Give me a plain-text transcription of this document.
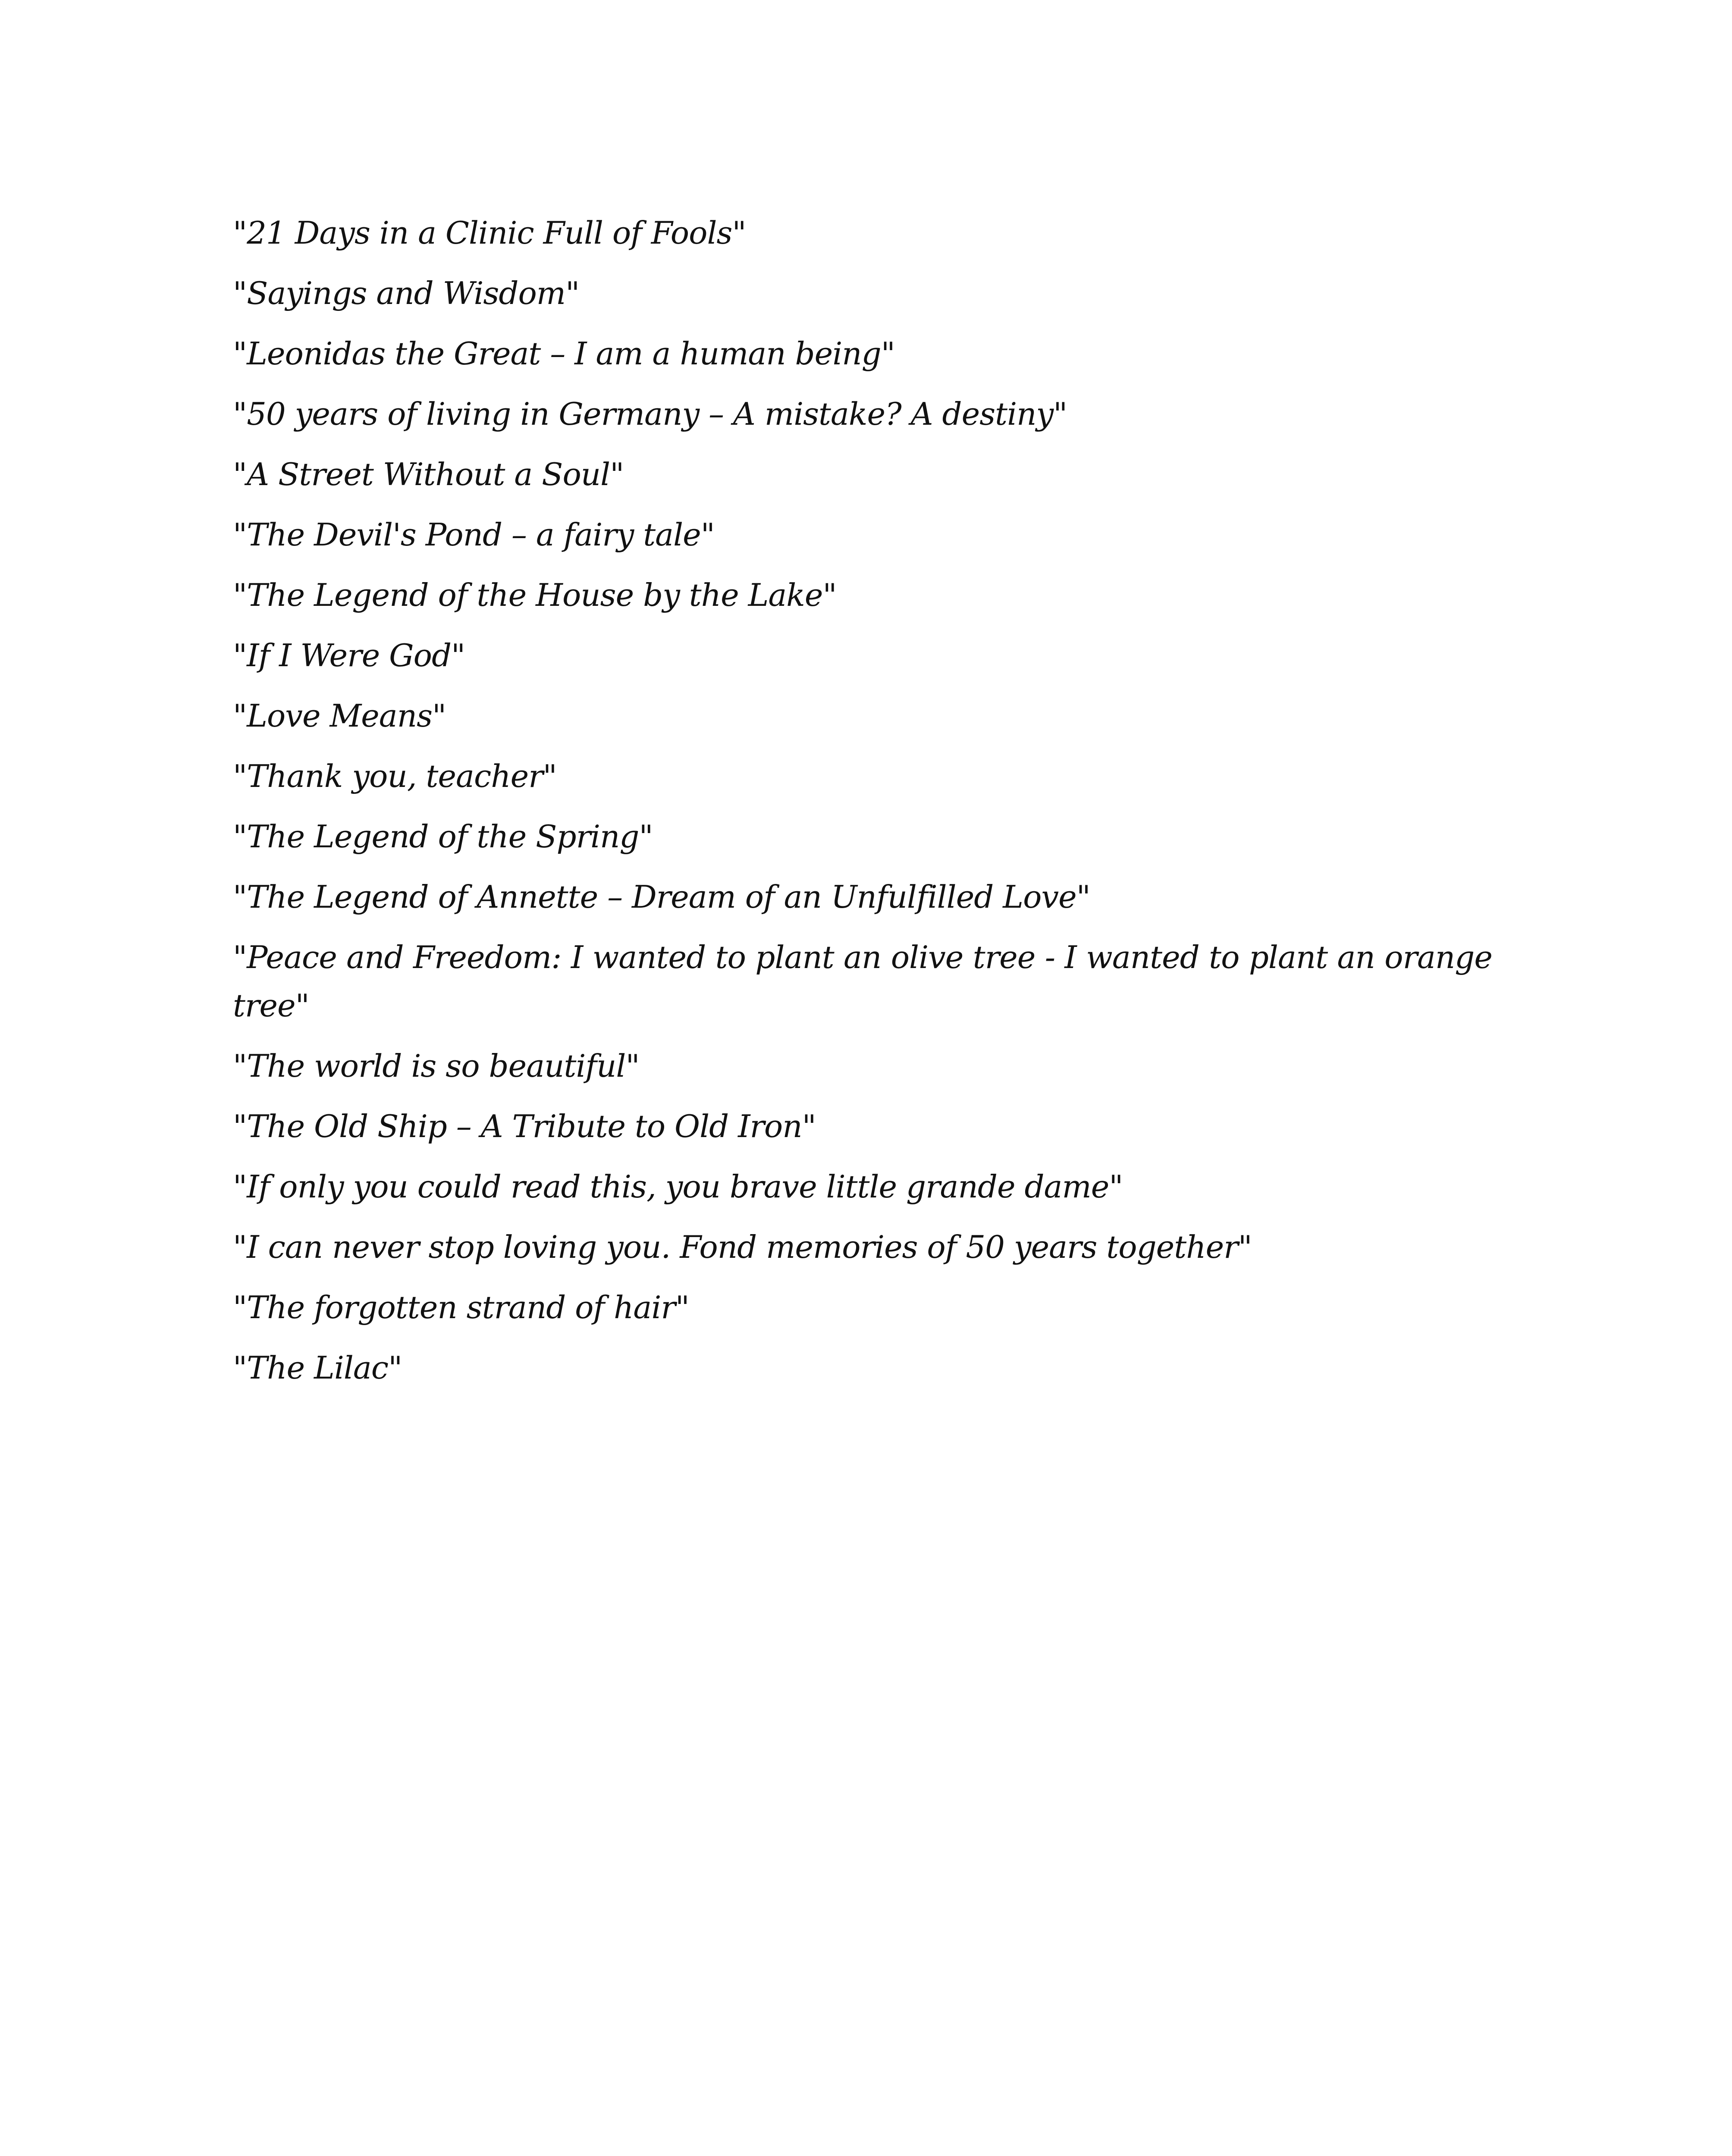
"21 Days in a Clinic Full of Fools"
"Sayings and Wisdom"
"Leonidas the Great – I am a human being"
"50 years of living in Germany – A mistake? A destiny"
"A Street Without a Soul"
"The Devil's Pond – a fairy tale"
"The Legend of the House by the Lake"
"If I Were God"
"Love Means"
"Thank you, teacher"
"The Legend of the Spring"
"The Legend of Annette – Dream of an Unfulfilled Love"
"Peace and Freedom: I wanted to plant an olive tree - I wanted to plant an orange tree"
"The world is so beautiful"
"The Old Ship – A Tribute to Old Iron"
"If only you could read this, you brave little grande dame"
"I can never stop loving you. Fond memories of 50 years together"
"The forgotten strand of hair"
"The Lilac"
